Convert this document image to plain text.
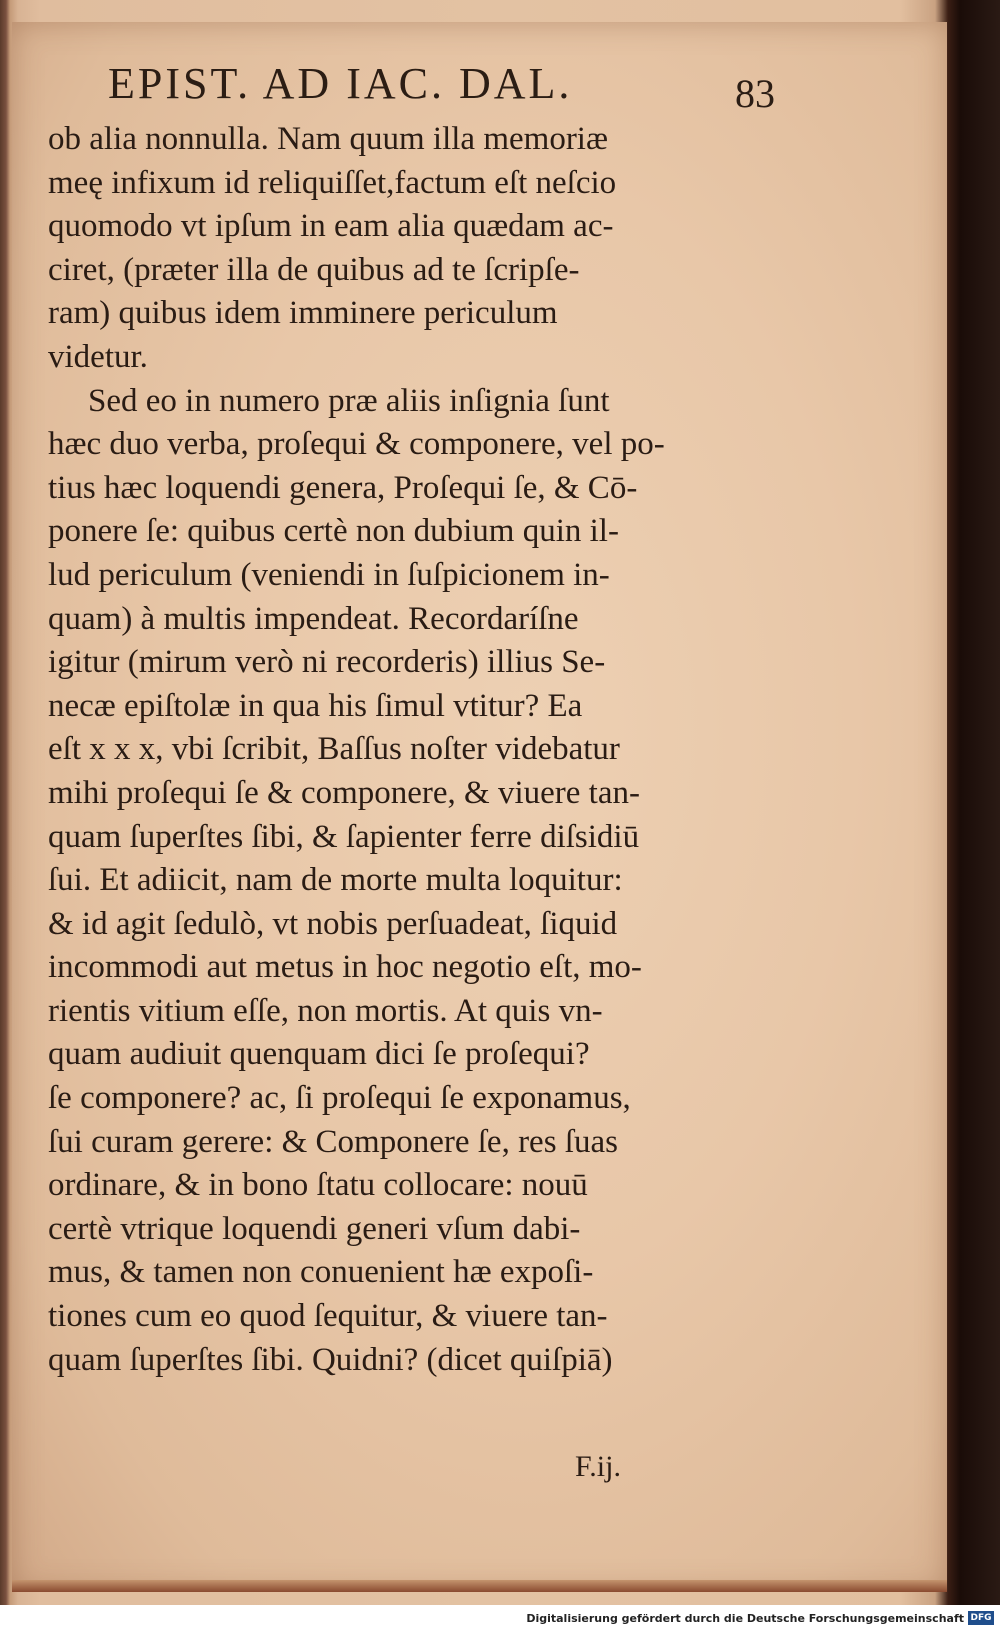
EPIST. AD IAC. DAL.	83
ob alia nonnulla. Nam quum illa memoriæ
meę infixum id reliquiſſet,factum eſt neſcio
quomodo vt ipſum in eam alia quædam ac-
ciret, (præter illa de quibus ad te ſcripſe-
ram) quibus idem imminere periculum
videtur.
Sed eo in numero præ aliis inſignia ſunt
hæc duo verba, proſequi & componere, vel po-
tius hæc loquendi genera, Proſequi ſe, & Cō-
ponere ſe: quibus certè non dubium quin il-
lud periculum (veniendi in ſuſpicionem in-
quam) à multis impendeat. Recordaríſne
igitur (mirum verò ni recorderis) illius Se-
necæ epiſtolæ in qua his ſimul vtitur? Ea
eſt x x x, vbi ſcribit, Baſſus noſter videbatur
mihi proſequi ſe & componere, & viuere tan-
quam ſuperſtes ſibi, & ſapienter ferre diſsidiū
ſui. Et adiicit, nam de morte multa loquitur:
& id agit ſedulò, vt nobis perſuadeat, ſiquid
incommodi aut metus in hoc negotio eſt, mo-
rientis vitium eſſe, non mortis. At quis vn-
quam audiuit quenquam dici ſe proſequi?
ſe componere? ac, ſi proſequi ſe exponamus,
ſui curam gerere: & Componere ſe, res ſuas
ordinare, & in bono ſtatu collocare: nouū
certè vtrique loquendi generi vſum dabi-
mus, & tamen non conuenient hæ expoſi-
tiones cum eo quod ſequitur, & viuere tan-
quam ſuperſtes ſibi. Quidni? (dicet quiſpiā)
F.ij.
Digitalisierung gefördert durch die Deutsche Forschungsgemeinschaft DFG
